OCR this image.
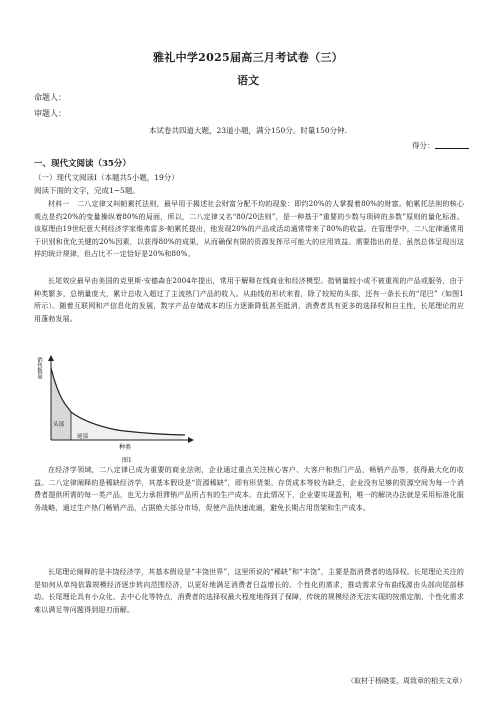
雅礼中学2025届高三月考试卷（三）
语文
命题人：
审题人：
本试卷共四道大题，23道小题，满分150分。时量150分钟.
得分：
一、现代文阅读（35分）
（一）现代文阅读Ⅰ（本题共5小题，19分）
阅读下面的文字，完成1~5题。

材料一　二八定律又叫帕累托法则，最早用于揭述社会财富分配不均的现象：即约20%的人掌握着80%的财富。帕累托法则的核心观点是约20%的变量操纵着80%的局面，所以，二八定律又名“80/20法则”，是一种基于“重要的少数与琐碎的多数”原则的量化标准。该原理由19世纪意大利经济学家维弗雷多·帕累托提出，他发现20%的产品或活动通常带来了80%的收益。在管理学中，二八定律通常用于识别和优化关键的20%因素，以获得80%的成果，从而确保有限的资源发挥尽可能大的应用效益。需要指出的是，虽然总体呈现出这样的统计规律，但占比不一定恰好是20%和80%。

长尾效应最早由美国的克里斯·安德森在2004年提出，常用于解释在线商业和经济模型。指销量较小或不被重视的产品或服务，由于种类繁多，总销量庞大，累计总收入超过了主流热门产品的收入。从曲线的形状来看，除了较短的头部，还有一条长长的“尾巴”（如图1所示）。随着互联网和产信息化的发展，数字产品存储成本的压力逐渐降低甚至抵消，消费者具有更多的选择权和自主性，长尾理论的应用蓬勃发展。

销售数量
头部
尾部
种类
图1

在经济学领域，二八定律已成为重要的商业法则，企业通过重点关注核心客户、大客户和热门产品，畅销产品等，获得最大化的收益。二八定律阐释的是稀缺经济学，其基本假设是“资源稀缺”，即有形货架、存货成本等较为缺乏，企业没有足够的资源空间为每一个消费者提供所需的每一类产品，也无力承担滞销产品所占有的生产成本。在此情况下，企业要实现盈利，唯一的解决办法就是采用标准化服务战略，通过生产热门畅销产品，占据绝大部分市场，促使产品快速流通，避免长期占用货架和生产成本。

长尾理论阐释的是丰饶经济学，其基本假设是“丰饶世界”，这里所说的“稀缺”和“丰饶”，主要是指消费者的选择权。长尾理论关注的是如何从单纯依靠规模经济逐步转向范围经济，以更好地满足消费者日益增长的、个性化的需求，推动需求分布曲线源由头部向尾部移动。长尾理论具有小众化、去中心化等特点，消费者的选择权最大程度地得到了保障，传统的规模经济无法实现的按需定制、个性化需求难以满足等问题得到迎刃而解。

（取材于杨晓雯、周致章的相关文章）
